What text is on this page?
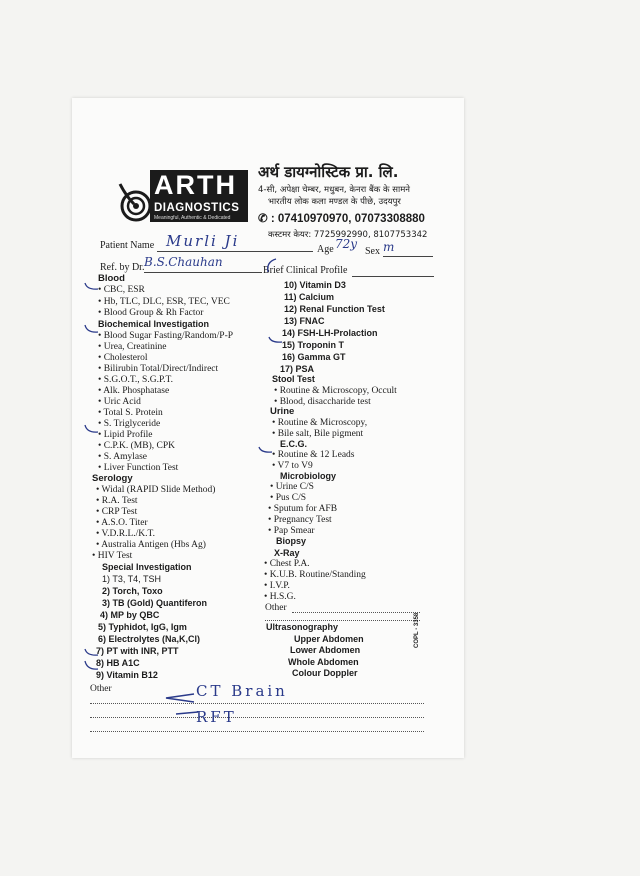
ARTH
DIAGNOSTICS
Meaningful, Authentic & Dedicated
अर्थ डायग्नोस्टिक प्रा. लि.
4-सी, अपेक्षा चेम्बर, मधुबन, केनरा बैंक के सामने
भारतीय लोक कला मण्डल के पीछे, उदयपुर
✆ : 07410970970, 07073308880
कस्टमर केयर: 7725992990, 8107753342
Patient Name Murli Ji	Age 72y
Sex m
Ref. by Dr. B.S.Chauhan
Brief Clinical Profile
Blood
• CBC, ESR
• Hb, TLC, DLC, ESR, TEC, VEC
• Blood Group & Rh Factor
Biochemical Investigation
• Blood Sugar Fasting/Random/P-P
• Urea, Creatinine
• Cholesterol
• Bilirubin Total/Direct/Indirect
• S.G.O.T., S.G.P.T.
• Alk. Phosphatase
• Uric Acid
• Total S. Protein
• S. Triglyceride
• Lipid Profile
• C.P.K. (MB), CPK
• S. Amylase
• Liver Function Test
Serology
• Widal (RAPID Slide Method)
• R.A. Test
• CRP Test
• A.S.O. Titer
• V.D.R.L./K.T.
• Australia Antigen (Hbs Ag)
• HIV Test
Special Investigation
1) T3, T4, TSH
2) Torch, Toxo
3) TB (Gold) Quantiferon
4) MP by QBC
5) Typhidot, IgG, Igm
6) Electrolytes (Na,K,Cl)
7) PT with INR, PTT
8) HB A1C
9) Vitamin B12
Other	CT Brain
RFT
10) Vitamin D3
11) Calcium
12) Renal Function Test
13) FNAC
14) FSH-LH-Prolaction
15) Troponin T
16) Gamma GT
17) PSA
Stool Test
• Routine & Microscopy, Occult
• Blood, disaccharide test
Urine
• Routine & Microscopy,
• Bile salt, Bile pigment
E.C.G.
• Routine & 12 Leads
• V7 to V9
Microbiology
• Urine C/S
• Pus C/S
• Sputum for AFB
• Pregnancy Test
• Pap Smear
Biopsy
X-Ray
• Chest P.A.
• K.U.B. Routine/Standing
• I.V.P.
• H.S.G.
Other
Ultrasonography
Upper Abdomen
Lower Abdomen
Whole Abdomen
Colour Doppler
COPL - 3358
